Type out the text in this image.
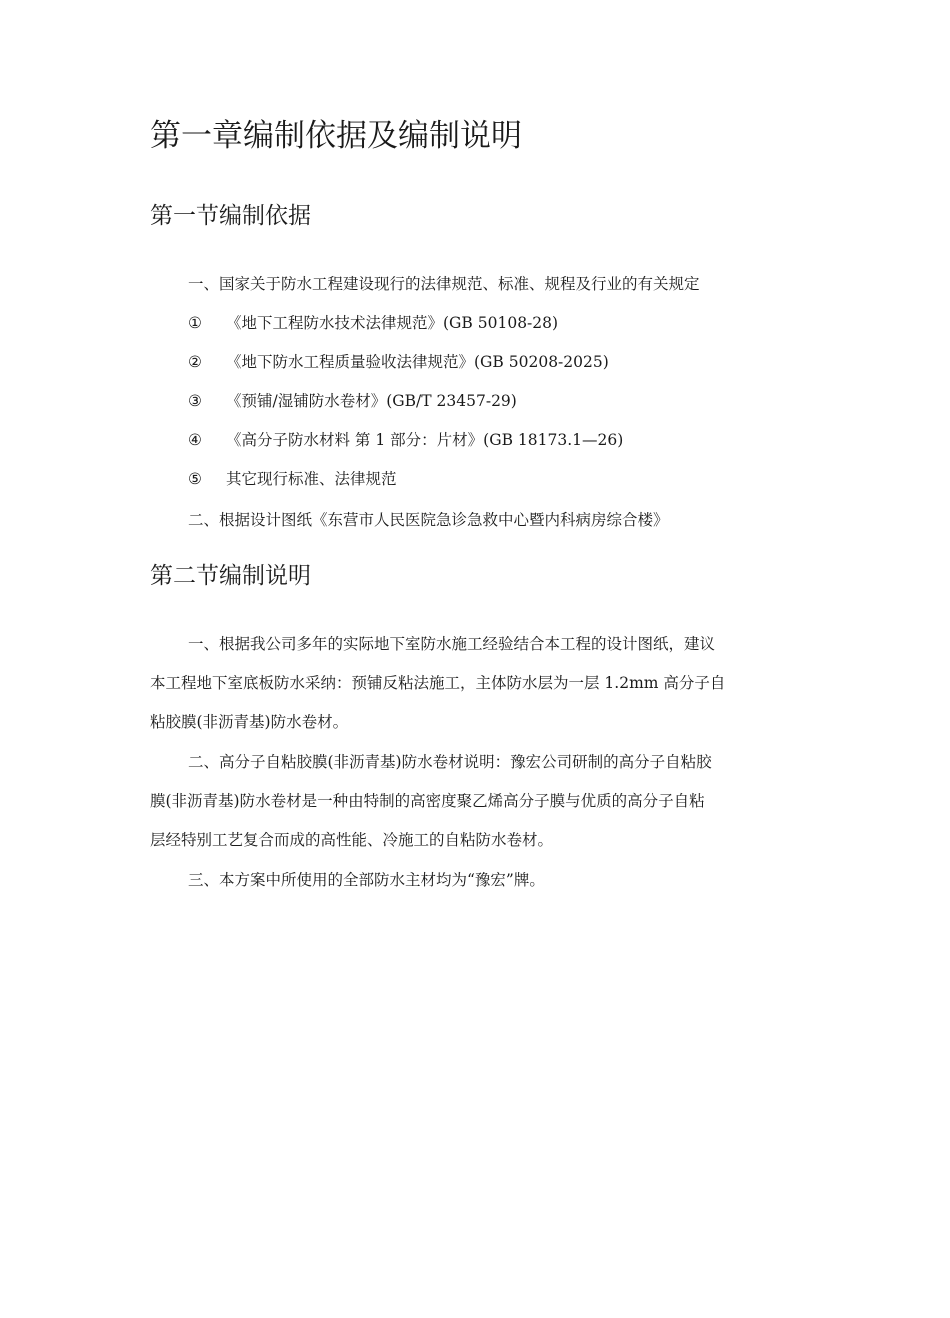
第一章编制依据及编制说明
第一节编制依据

一、国家关于防水工程建设现行的法律规范、标准、规程及行业的有关规定

① 《地下工程防水技术法律规范》(GB 50108-28)
② 《地下防水工程质量验收法律规范》(GB 50208-2025)
③ 《预铺/湿铺防水卷材》(GB/T 23457-29)
④ 《高分子防水材料 第 1 部分：片材》(GB 18173.1—26)
⑤ 其它现行标准、法律规范

二、根据设计图纸《东营市人民医院急诊急救中心暨内科病房综合楼》

第二节编制说明

一、根据我公司多年的实际地下室防水施工经验结合本工程的设计图纸，建议

本工程地下室底板防水采纳：预铺反粘法施工，主体防水层为一层 1.2mm 高分子自

粘胶膜(非沥青基)防水卷材。

二、高分子自粘胶膜(非沥青基)防水卷材说明：豫宏公司研制的高分子自粘胶

膜(非沥青基)防水卷材是一种由特制的高密度聚乙烯高分子膜与优质的高分子自粘

层经特别工艺复合而成的高性能、冷施工的自粘防水卷材。

三、本方案中所使用的全部防水主材均为“豫宏”牌。
